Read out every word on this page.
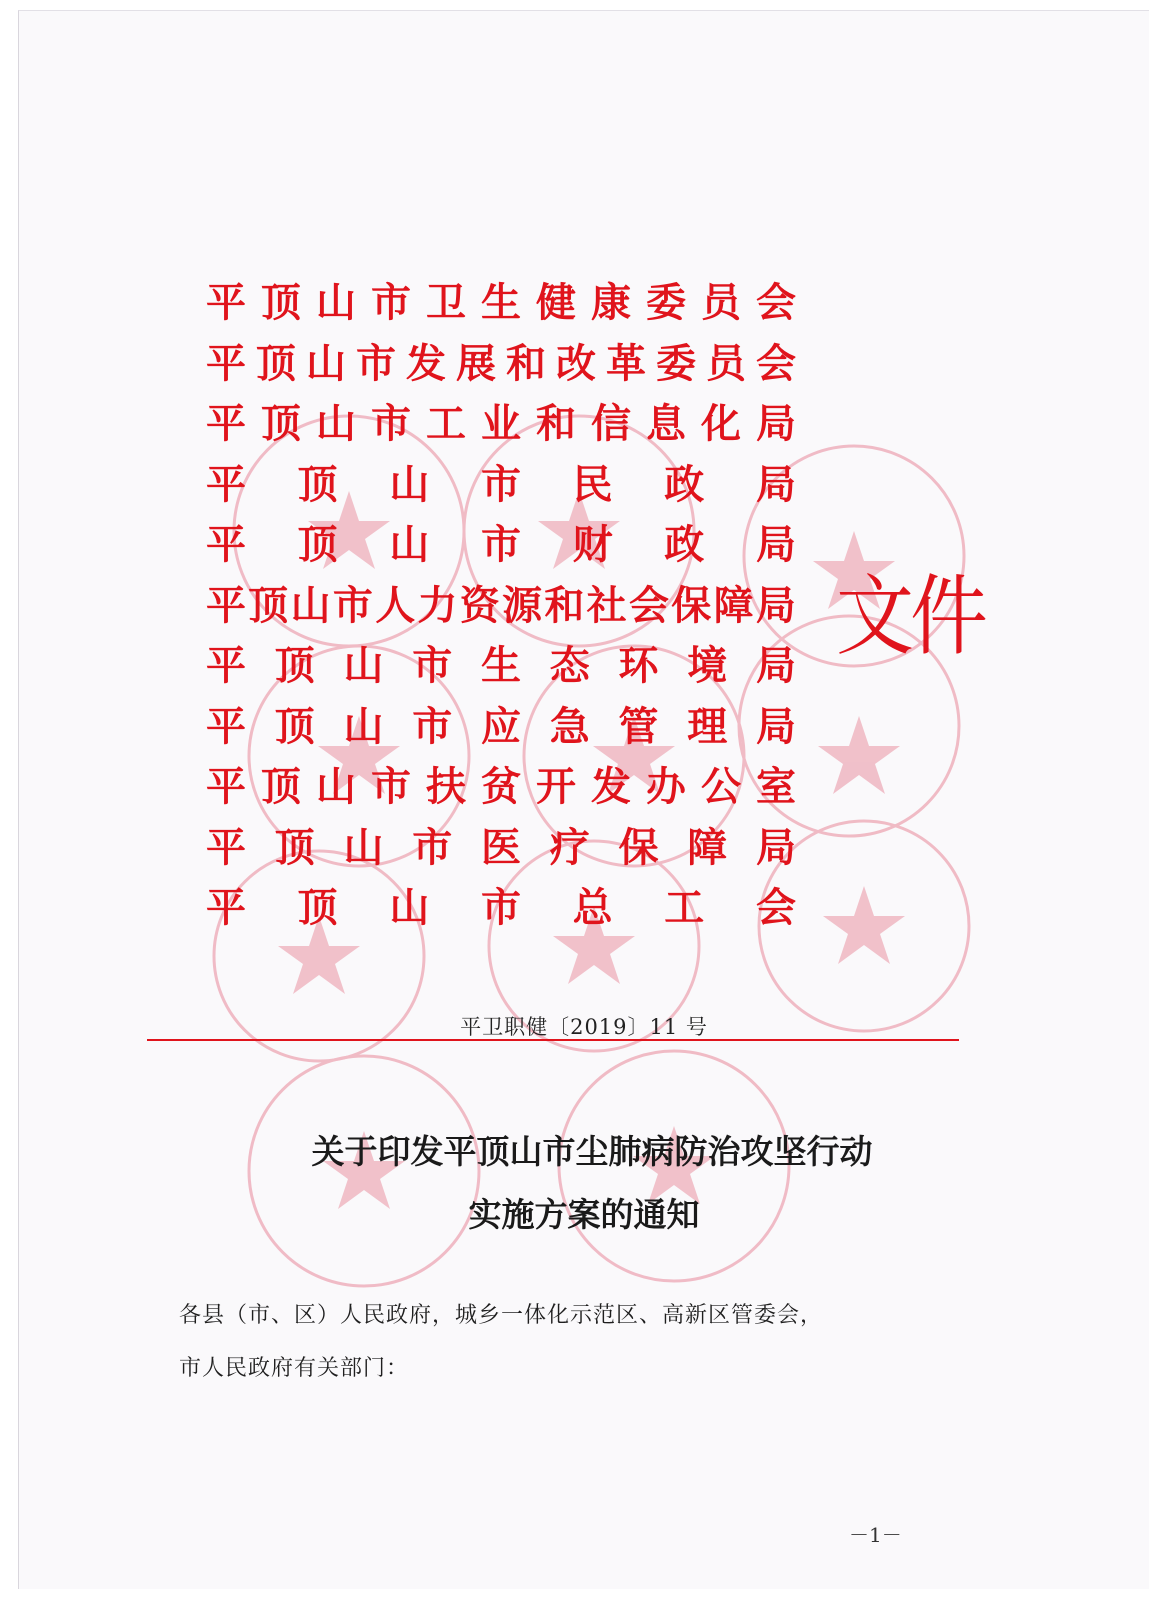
平 顶 山 市 卫 生 健 康 委 员 会
平 顶 山 市 发 展 和 改 革 委 员 会
平 顶 山 市 工 业 和 信 息 化 局
平 顶 山 市 民 政 局
平 顶 山 市 财 政 局
平 顶 山 市 人 力 资 源 和 社 会 保 障 局
平 顶 山 市 生 态 环 境 局
平 顶 山 市 应 急 管 理 局
平 顶 山 市 扶 贫 开 发 办 公 室
平 顶 山 市 医 疗 保 障 局
平 顶 山 市 总 工 会
文件
平卫职健〔2019〕11 号
关于印发平顶山市尘肺病防治攻坚行动
实施方案的通知
各县（市、区）人民政府，城乡一体化示范区、高新区管委会，
市人民政府有关部门：
－1－
